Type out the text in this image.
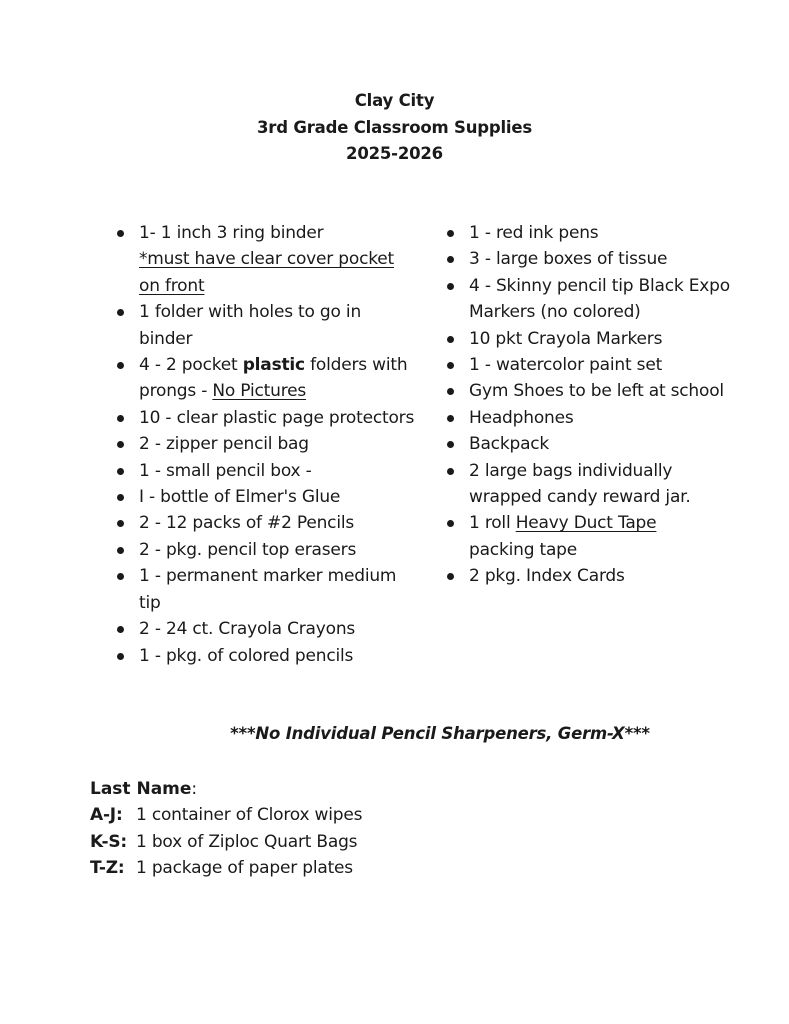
Clay City
3rd Grade Classroom Supplies
2025-2026
1- 1 inch 3 ring binder
*must have clear cover pocket on front
1 folder with holes to go in binder
4 - 2 pocket plastic folders with prongs - No Pictures
10 - clear plastic page protectors
2 - zipper pencil bag
1 - small pencil box -
I - bottle of Elmer's Glue
2 - 12 packs of #2 Pencils
2 - pkg. pencil top erasers
1 - permanent marker medium tip
2 - 24 ct. Crayola Crayons
1 - pkg. of colored pencils
1 - red ink pens
3 - large boxes of tissue
4 - Skinny pencil tip Black Expo Markers (no colored)
10 pkt Crayola Markers
1 - watercolor paint set
Gym Shoes to be left at school
Headphones
Backpack
2 large bags individually wrapped candy reward jar.
1 roll Heavy Duct Tape
packing tape
2 pkg. Index Cards
***No Individual Pencil Sharpeners, Germ-X***
Last Name:
A-J: 1 container of Clorox wipes
K-S: 1 box of Ziploc Quart Bags
T-Z: 1 package of paper plates
